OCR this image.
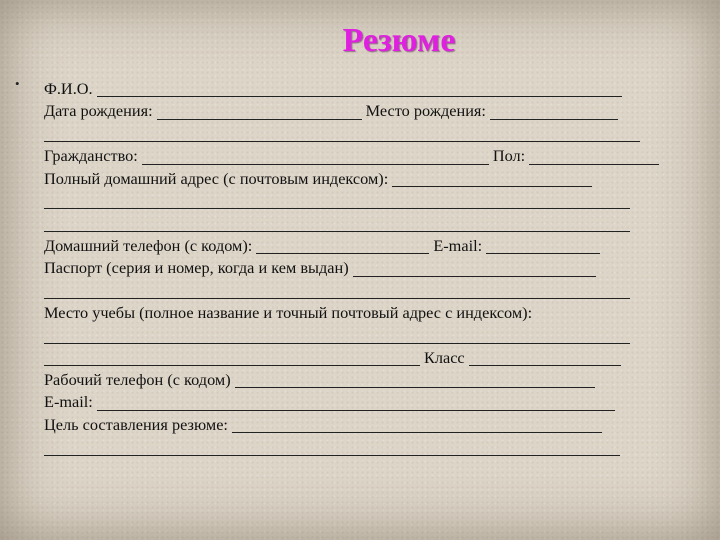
Резюме
• Ф.И.О.
Дата рождения:	Место рождения:
Гражданство:	Пол:
Полный домашний адрес (с почтовым индексом):
Домашний телефон (с кодом):	E-mail:
Паспорт (серия и номер, когда и кем выдан)
Место учебы (полное название и точный почтовый адрес с индексом):
Класс
Рабочий телефон (с кодом)
E-mail:
Цель составления резюме:
